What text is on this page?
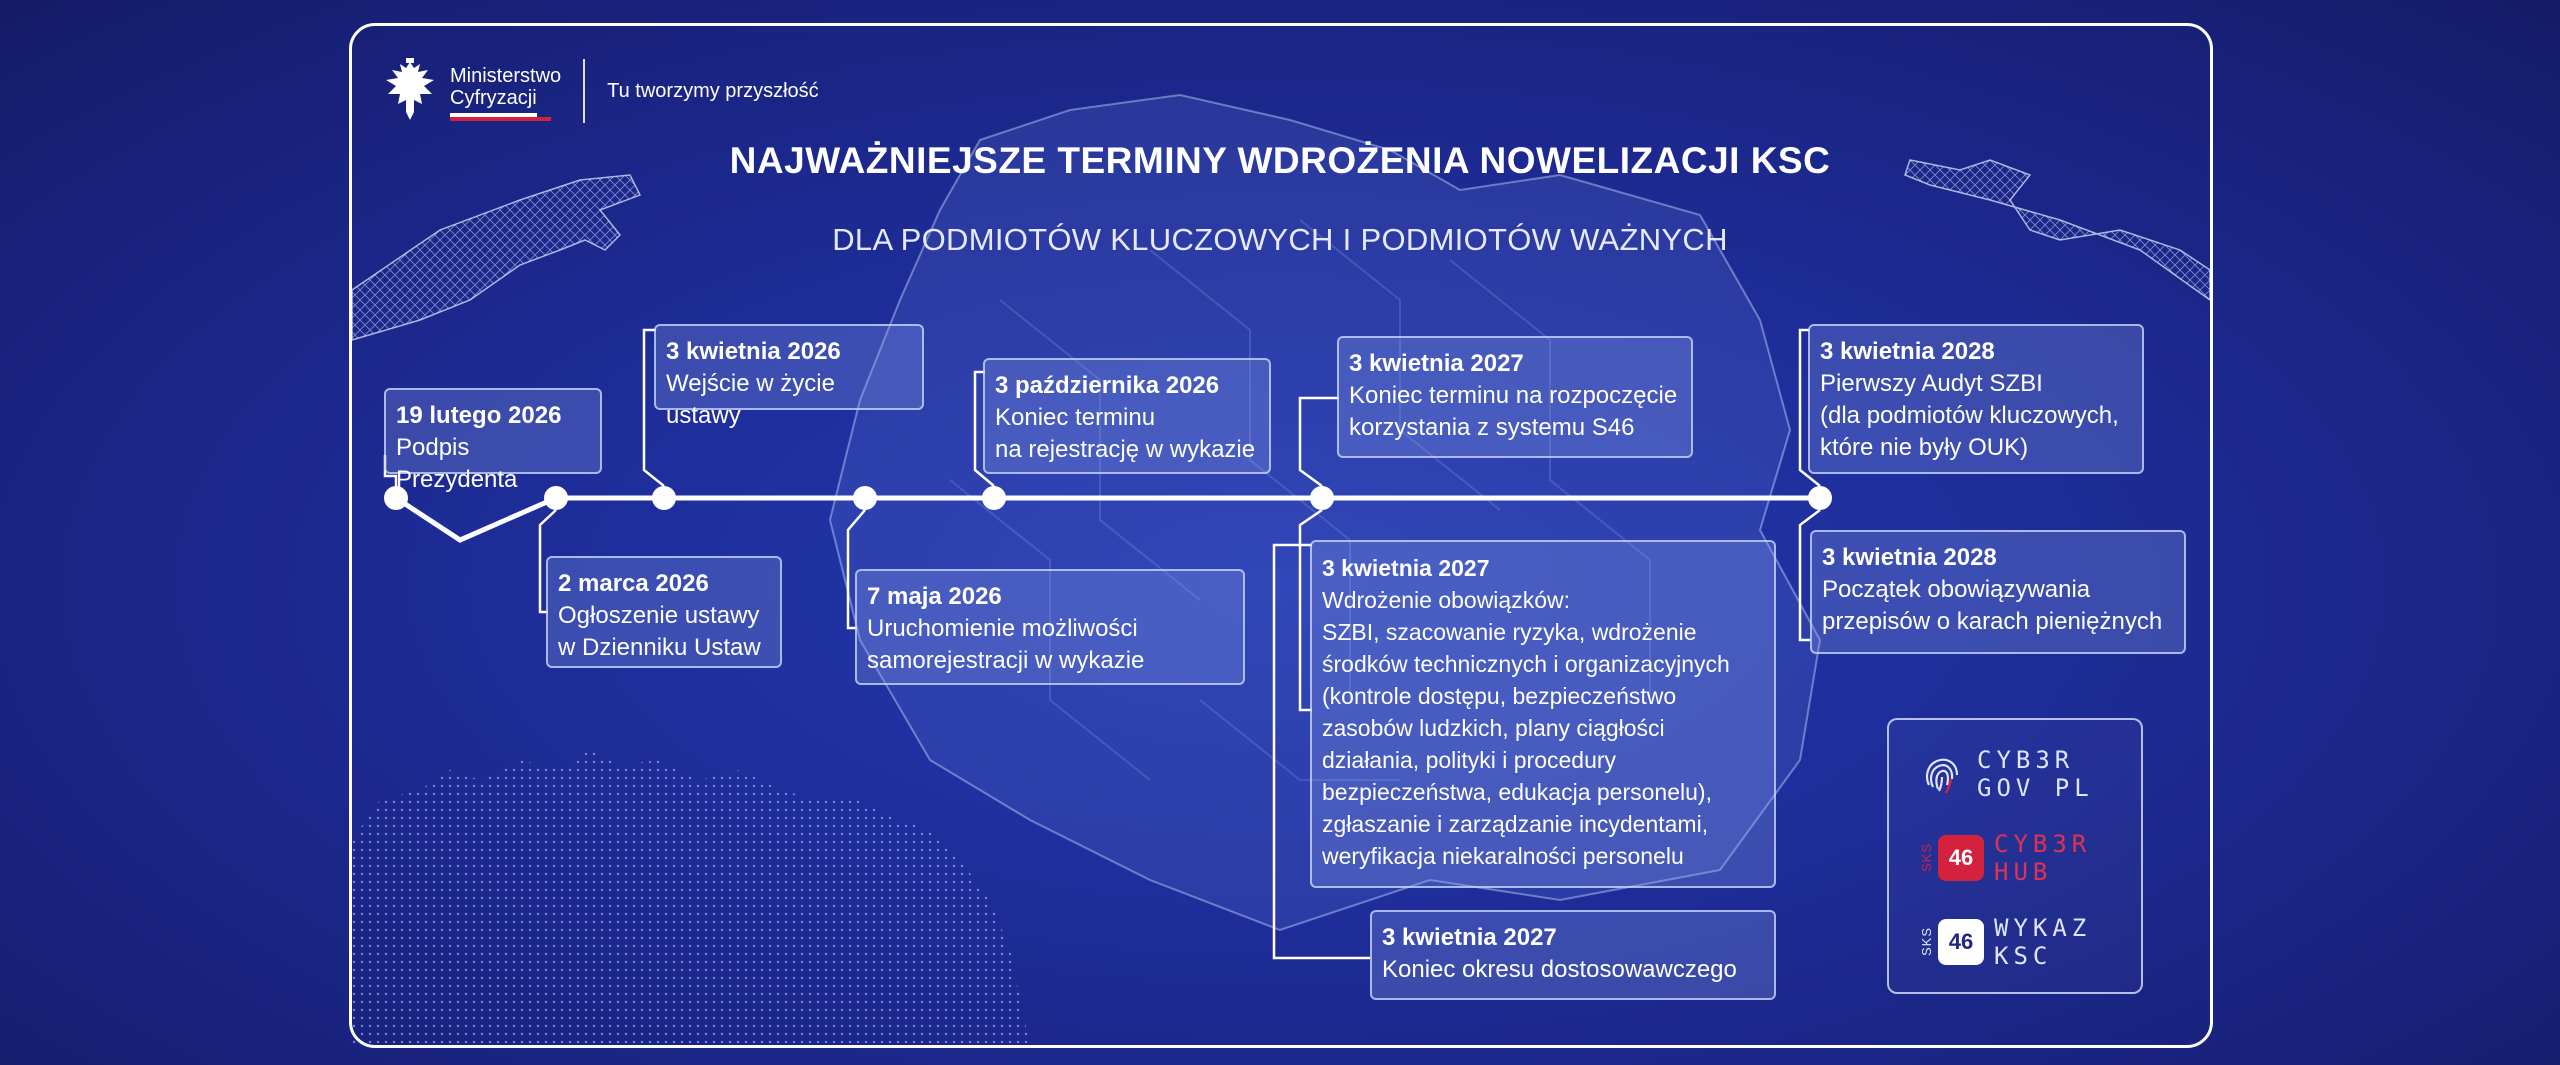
Ministerstwo
Cyfryzacji	Tu tworzymy przyszłość
NAJWAŻNIEJSZE TERMINY WDROŻENIA NOWELIZACJI KSC
DLA PODMIOTÓW KLUCZOWYCH I PODMIOTÓW WAŻNYCH
19 lutego 2026
Podpis Prezydenta
2 marca 2026
Ogłoszenie ustawy
w Dzienniku Ustaw
3 kwietnia 2026
Wejście w życie ustawy
7 maja 2026
Uruchomienie możliwości
samorejestracji w wykazie
3 października 2026
Koniec terminu
na rejestrację w wykazie
3 kwietnia 2027
Koniec terminu na rozpoczęcie
korzystania z systemu S46
3 kwietnia 2027
Wdrożenie obowiązków:
SZBI, szacowanie ryzyka, wdrożenie
środków technicznych i organizacyjnych
(kontrole dostępu, bezpieczeństwo
zasobów ludzkich, plany ciągłości
działania, polityki i procedury
bezpieczeństwa, edukacja personelu),
zgłaszanie i zarządzanie incydentami,
weryfikacja niekaralności personelu
3 kwietnia 2027
Koniec okresu dostosowawczego
3 kwietnia 2028
Pierwszy Audyt SZBI
(dla podmiotów kluczowych,
które nie były OUK)
3 kwietnia 2028
Początek obowiązywania
przepisów o karach pieniężnych
CYB3R
GOV PL
SKS 46 CYB3R
HUB
SKS 46 WYKAZ
KSC
